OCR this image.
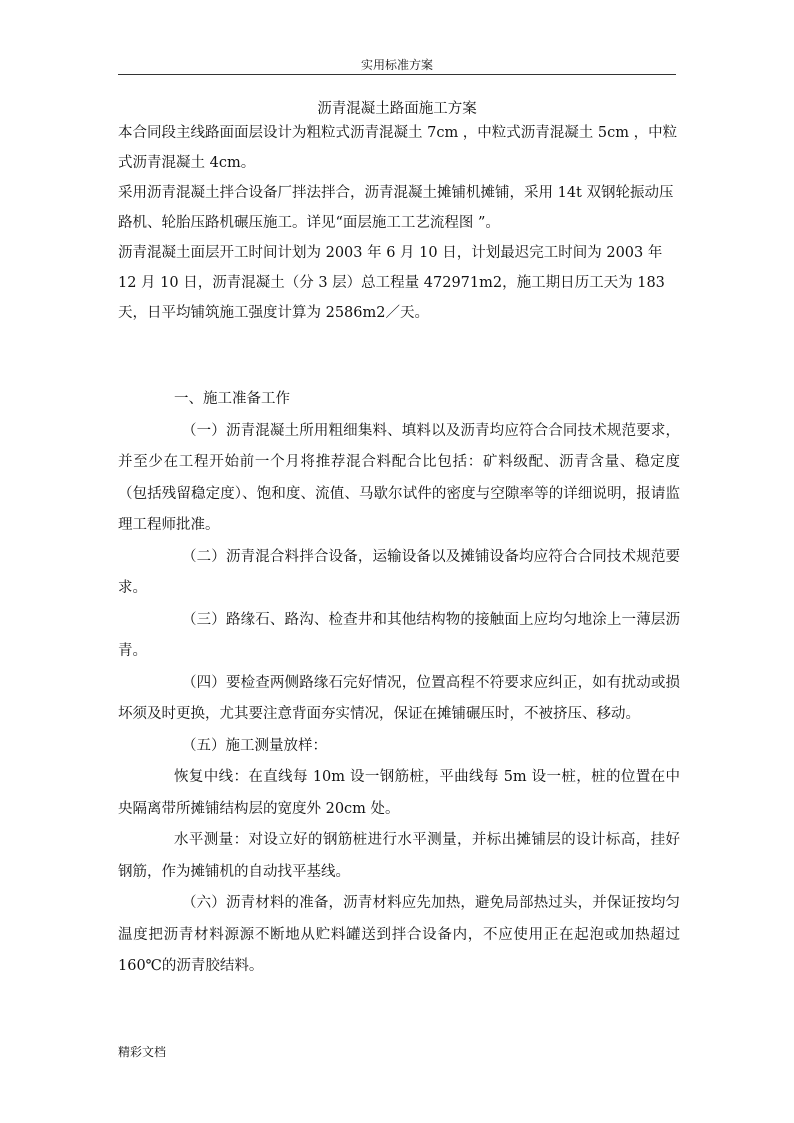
实用标准方案
沥青混凝土路面施工方案

本合同段主线路面面层设计为粗粒式沥青混凝土 7cm ，中粒式沥青混凝土 5cm ，中粒式沥青混凝土 4cm。

采用沥青混凝土拌合设备厂拌法拌合，沥青混凝土摊铺机摊铺，采用 14t 双钢轮振动压路机、轮胎压路机碾压施工。详见“面层施工工艺流程图 ”。

沥青混凝土面层开工时间计划为 2003 年 6 月 10 日，计划最迟完工时间为 2003 年 12 月 10 日，沥青混凝土（分 3 层）总工程量 472971m2，施工期日历工天为 183 天，日平均铺筑施工强度计算为 2586m2／天。

一、施工准备工作

（一）沥青混凝土所用粗细集料、填料以及沥青均应符合合同技术规范要求，并至少在工程开始前一个月将推荐混合料配合比包括：矿料级配、沥青含量、稳定度（包括残留稳定度）、饱和度、流值、马歇尔试件的密度与空隙率等的详细说明，报请监理工程师批准。

（二）沥青混合料拌合设备，运输设备以及摊铺设备均应符合合同技术规范要求。

（三）路缘石、路沟、检查井和其他结构物的接触面上应均匀地涂上一薄层沥青。

（四）要检查两侧路缘石完好情况，位置高程不符要求应纠正，如有扰动或损坏须及时更换，尤其要注意背面夯实情况，保证在摊铺碾压时，不被挤压、移动。

（五）施工测量放样：

恢复中线：在直线每 10m 设一钢筋桩，平曲线每 5m 设一桩，桩的位置在中央隔离带所摊铺结构层的宽度外 20cm 处。

水平测量：对设立好的钢筋桩进行水平测量，并标出摊铺层的设计标高，挂好钢筋，作为摊铺机的自动找平基线。

（六）沥青材料的准备，沥青材料应先加热，避免局部热过头，并保证按均匀温度把沥青材料源源不断地从贮料罐送到拌合设备内，不应使用正在起泡或加热超过 160℃的沥青胶结料。

精彩文档
